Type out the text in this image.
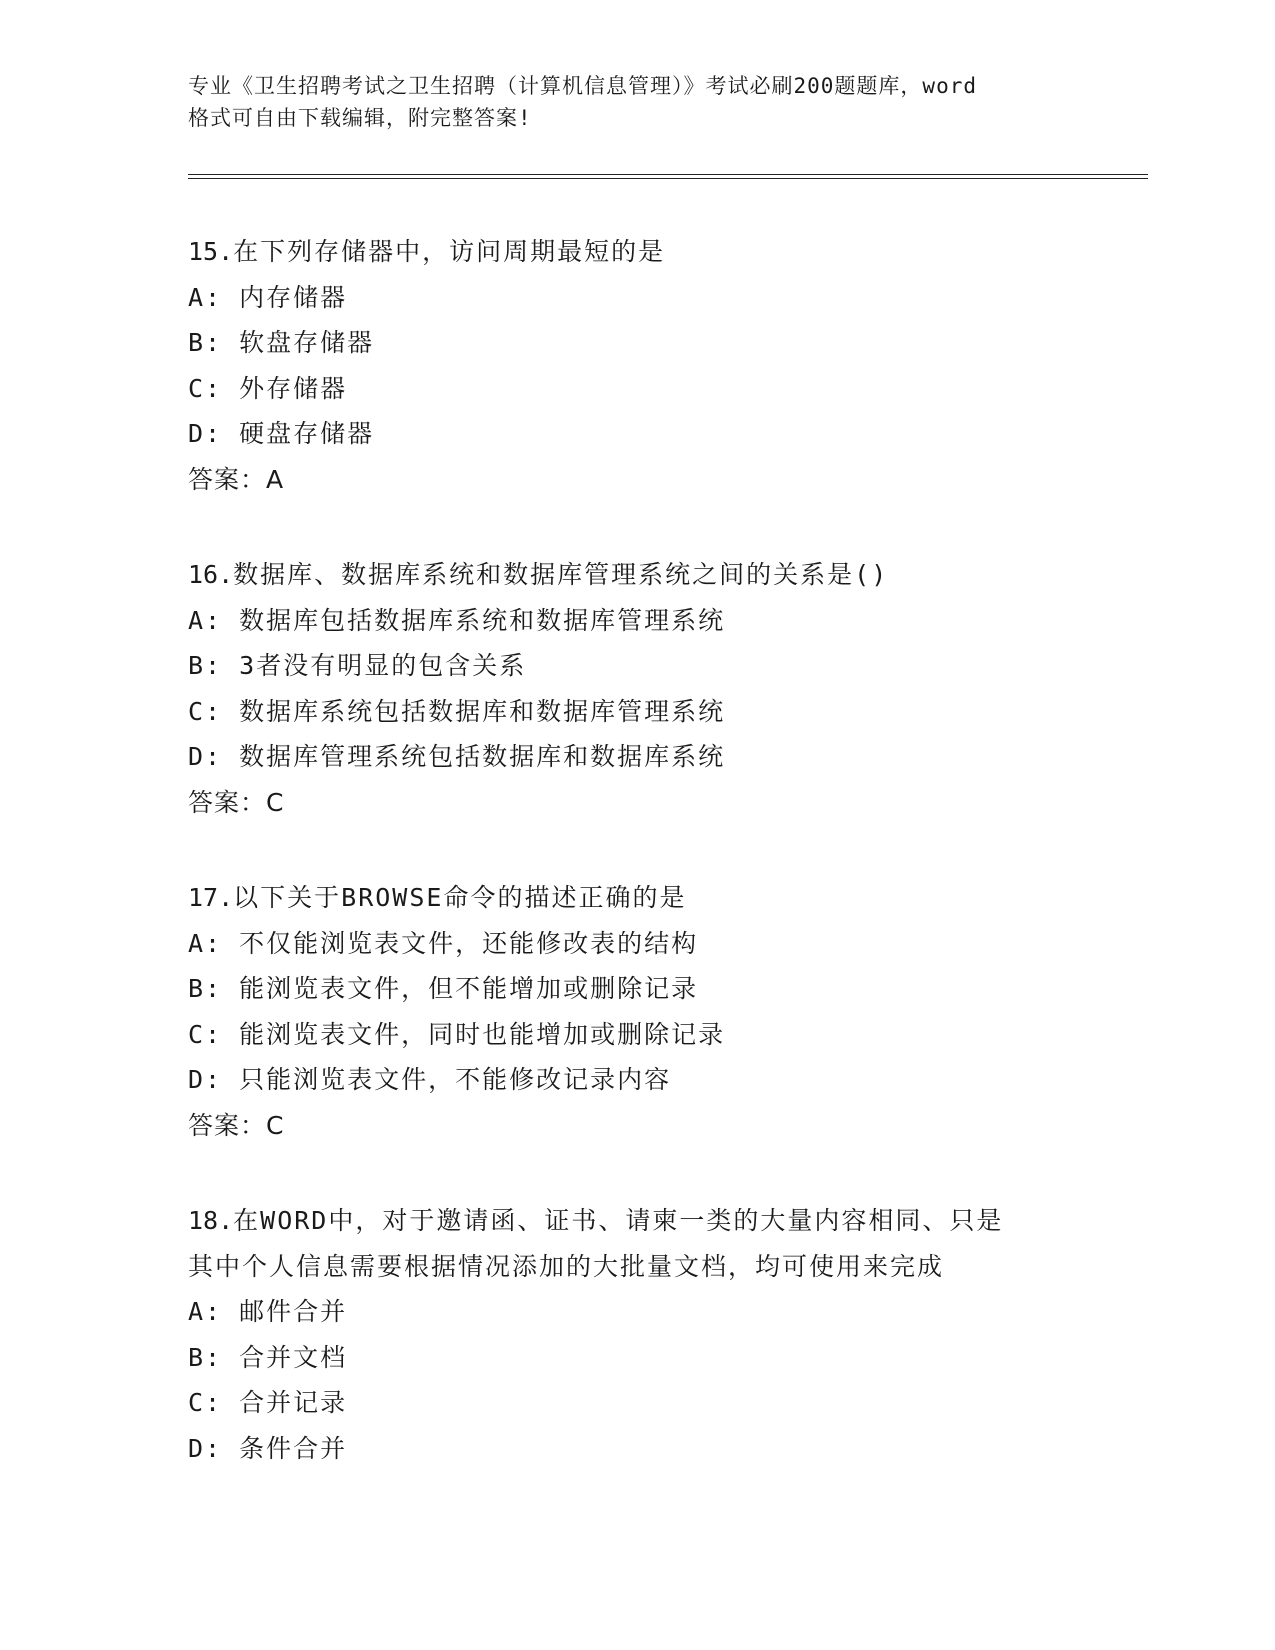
专业《卫生招聘考试之卫生招聘（计算机信息管理）》考试必刷200题题库，word

格式可自由下载编辑，附完整答案!

15.在下列存储器中，访问周期最短的是

A: 内存储器

B: 软盘存储器

C: 外存储器

D: 硬盘存储器

答案：A

16.数据库、数据库系统和数据库管理系统之间的关系是()

A: 数据库包括数据库系统和数据库管理系统

B: 3者没有明显的包含关系

C: 数据库系统包括数据库和数据库管理系统

D: 数据库管理系统包括数据库和数据库系统

答案：C

17.以下关于BROWSE命令的描述正确的是

A: 不仅能浏览表文件，还能修改表的结构

B: 能浏览表文件，但不能增加或删除记录

C: 能浏览表文件，同时也能增加或删除记录

D: 只能浏览表文件，不能修改记录内容

答案：C

18.在WORD中，对于邀请函、证书、请柬一类的大量内容相同、只是

其中个人信息需要根据情况添加的大批量文档，均可使用来完成

A: 邮件合并

B: 合并文档

C: 合并记录

D: 条件合并
